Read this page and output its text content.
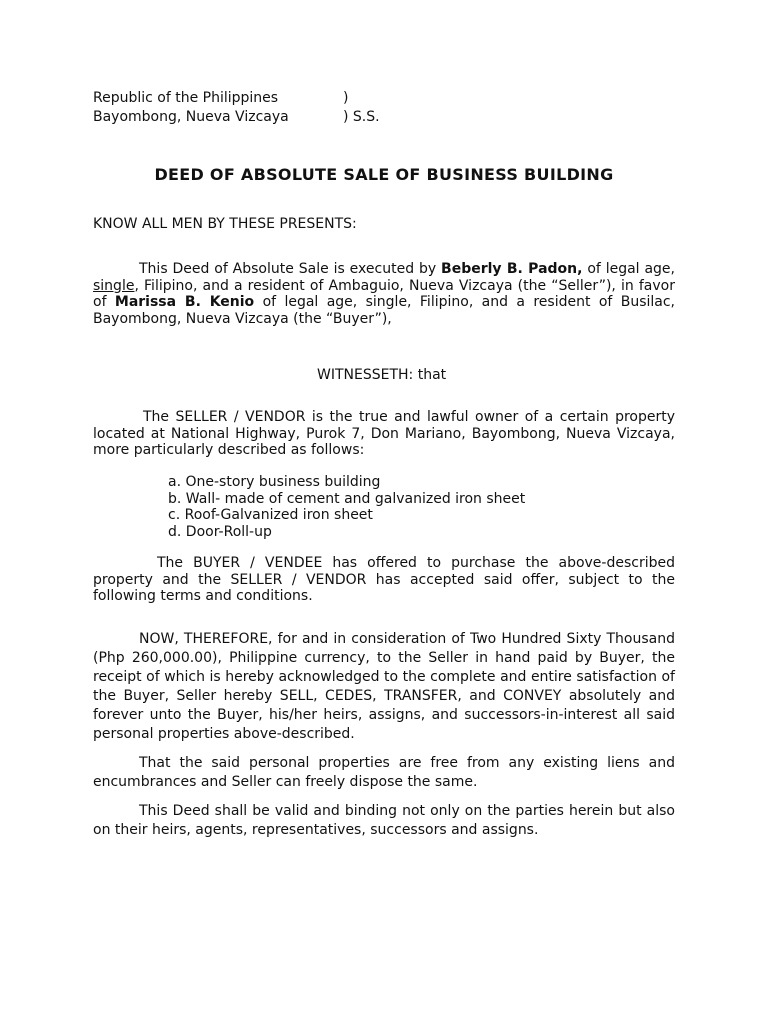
Republic of the Philippines	)
Bayombong, Nueva Vizcaya	) S.S.
DEED OF ABSOLUTE SALE OF BUSINESS BUILDING
KNOW ALL MEN BY THESE PRESENTS:
This Deed of Absolute Sale is executed by Beberly B. Padon, of legal age, single, Filipino, and a resident of Ambaguio, Nueva Vizcaya (the “Seller”), in favor of Marissa B. Kenio of legal age, single, Filipino, and a resident of Busilac, Bayombong, Nueva Vizcaya (the “Buyer”),
WITNESSETH: that
The SELLER / VENDOR is the true and lawful owner of a certain property located at National Highway, Purok 7, Don Mariano, Bayombong, Nueva Vizcaya, more particularly described as follows:
a. One-story business building
b. Wall- made of cement and galvanized iron sheet
c. Roof-Galvanized iron sheet
d. Door-Roll-up
The BUYER / VENDEE has offered to purchase the above-described property and the SELLER / VENDOR has accepted said offer, subject to the following terms and conditions.
NOW, THEREFORE, for and in consideration of Two Hundred Sixty Thousand (Php 260,000.00), Philippine currency, to the Seller in hand paid by Buyer, the receipt of which is hereby acknowledged to the complete and entire satisfaction of the Buyer, Seller hereby SELL, CEDES, TRANSFER, and CONVEY absolutely and forever unto the Buyer, his/her heirs, assigns, and successors-in-interest all said personal properties above-described.
That the said personal properties are free from any existing liens and encumbrances and Seller can freely dispose the same.
This Deed shall be valid and binding not only on the parties herein but also on their heirs, agents, representatives, successors and assigns.
